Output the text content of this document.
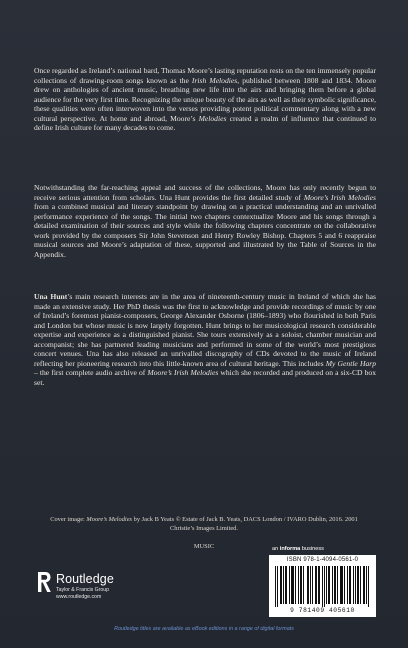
Once regarded as Ireland’s national bard, Thomas Moore’s lasting reputation rests on the ten immensely popular collections of drawing-room songs known as the Irish Melodies, published between 1808 and 1834. Moore drew on anthologies of ancient music, breathing new life into the airs and bringing them before a global audience for the very first time. Recognizing the unique beauty of the airs as well as their symbolic significance, these qualities were often interwoven into the verses providing potent political commentary along with a new cultural perspective. At home and abroad, Moore’s Melodies created a realm of influence that continued to define Irish culture for many decades to come.

Notwithstanding the far-reaching appeal and success of the collections, Moore has only recently begun to receive serious attention from scholars. Una Hunt provides the first detailed study of Moore’s Irish Melodies from a combined musical and literary standpoint by drawing on a practical understanding and an unrivalled performance experience of the songs. The initial two chapters contextualize Moore and his songs through a detailed examination of their sources and style while the following chapters concentrate on the collaborative work provided by the composers Sir John Stevenson and Henry Rowley Bishop. Chapters 5 and 6 reappraise musical sources and Moore’s adaptation of these, supported and illustrated by the Table of Sources in the Appendix.

Una Hunt’s main research interests are in the area of nineteenth-century music in Ireland of which she has made an extensive study. Her PhD thesis was the first to acknowledge and provide recordings of music by one of Ireland’s foremost pianist-composers, George Alexander Osborne (1806–1893) who flourished in both Paris and London but whose music is now largely forgotten. Hunt brings to her musicological research considerable expertise and experience as a distinguished pianist. She tours extensively as a soloist, chamber musician and accompanist; she has partnered leading musicians and performed in some of the world’s most prestigious concert venues. Una has also released an unrivalled discography of CDs devoted to the music of Ireland reflecting her pioneering research into this little-known area of cultural heritage. This includes My Gentle Harp – the first complete audio archive of Moore’s Irish Melodies which she recorded and produced on a six-CD box set.

Cover image: Moore’s Melodies by Jack B Yeats © Estate of Jack B. Yeats, DACS London / IVARO Dublin, 2016. 2001 Christie’s Images Limited.
MUSIC
Routledge
Taylor & Francis Group
www.routledge.com
an informa business
ISBN 978-1-4094-0561-0
9 781409 405610
Routledge titles are available as eBook editions in a range of digital formats
